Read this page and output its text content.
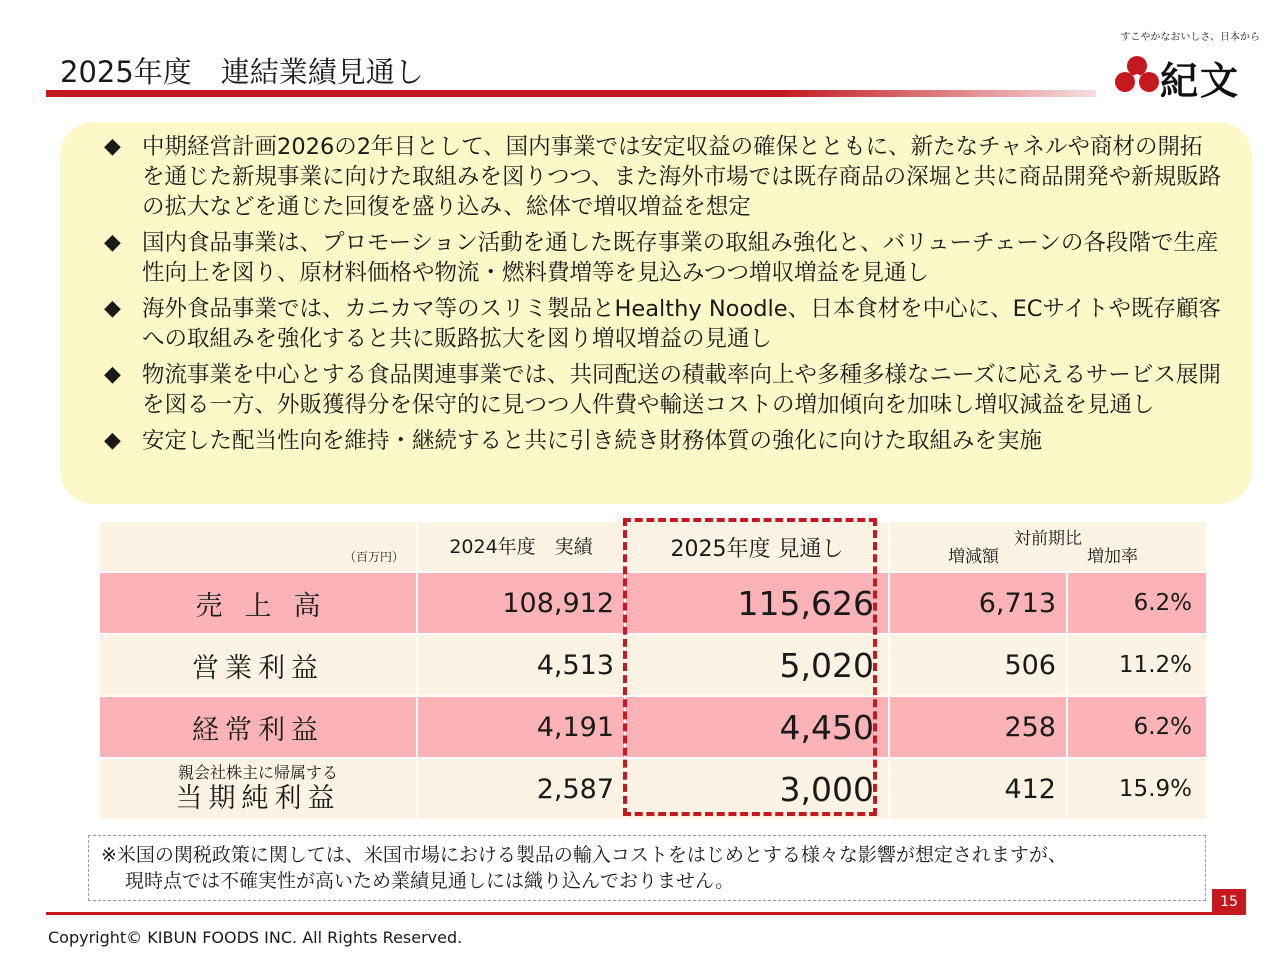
2025年度　連結業績見通し
すこやかなおいしさ、日本から
紀文
◆ 中期経営計画2026の2年目として、国内事業では安定収益の確保とともに、新たなチャネルや商材の開拓を通じた新規事業に向けた取組みを図りつつ、また海外市場では既存商品の深堀と共に商品開発や新規販路の拡大などを通じた回復を盛り込み、総体で増収増益を想定
◆ 国内食品事業は、プロモーション活動を通した既存事業の取組み強化と、バリューチェーンの各段階で生産性向上を図り、原材料価格や物流・燃料費増等を見込みつつ増収増益を見通し
◆ 海外食品事業では、カニカマ等のスリミ製品とHealthy Noodle、日本食材を中心に、ECサイトや既存顧客への取組みを強化すると共に販路拡大を図り増収増益の見通し
◆ 物流事業を中心とする食品関連事業では、共同配送の積載率向上や多種多様なニーズに応えるサービス展開を図る一方、外販獲得分を保守的に見つつ人件費や輸送コストの増加傾向を加味し増収減益を見通し
◆ 安定した配当性向を維持・継続すると共に引き続き財務体質の強化に向けた取組みを実施
（百万円）	2024年度　実績	2025年度 見通し	対前期比
増減額 増加率	

売上高	108,912	115,626	6,713	6.2%
営業利益	4,513	5,020	506	11.2%
経常利益	4,191	4,450	258	6.2%

親会社株主に帰属する
当期純利益	2,587	3,000	412	15.9%
※米国の関税政策に関しては、米国市場における製品の輸入コストをはじめとする様々な影響が想定されますが、
現時点では不確実性が高いため業績見通しには織り込んでおりません。
15
Copyright© KIBUN FOODS INC. All Rights Reserved.
